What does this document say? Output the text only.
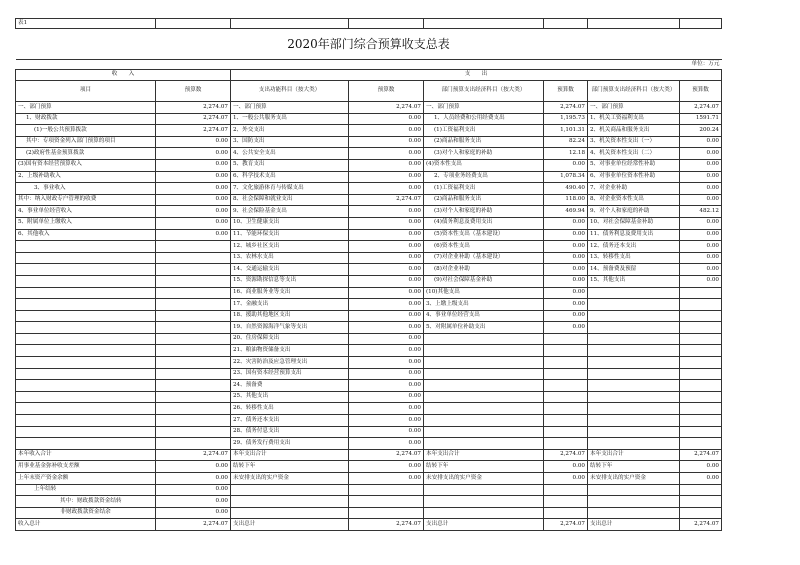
表1							
2020年部门综合预算收支总表							
单位：万元							
收　　入		支　　出					
项目	预算数	支出功能科目（按大类）	预算数	部门预算支出经济科目（按大类）	预算数	部门预算支出经济科目（按大类）	预算数
一、部门预算	2,274.07	一、部门预算	2,274.07	一、部门预算	2,274.07	一、部门预算	2,274.07
1、财政拨款	2,274.07	1、一般公共服务支出	0.00	1、人员经费和公用经费支出	1,195.73	1、机关工资福利支出	1591.71
(1)一般公共预算拨款	2,274.07	2、外交支出	0.00	(1)工资福利支出	1,101.31	2、机关商品和服务支出	200.24
其中：专项资金列入部门预算的项目	0.00	3、国防支出	0.00	(2)商品和服务支出	82.24	3、机关资本性支出（一）	0.00
(2)政府性基金预算拨款	0.00	4、公共安全支出	0.00	(3)对个人和家庭的补助	12.18	4、机关资本性支出（二）	0.00
(3)国有资本经营预算收入	0.00	5、教育支出	0.00	(4)资本性支出	0.00	5、对事业单位经常性补助	0.00
2、上级补助收入	0.00	6、科学技术支出	0.00	2、专项业务经费支出	1,078.34	6、对事业单位资本性补助	0.00
3、事业收入	0.00	7、文化旅游体育与传媒支出	0.00	(1)工资福利支出	490.40	7、对企业补助	0.00
其中：纳入财政专户管理的收费	0.00	8、社会保障和就业支出	2,274.07	(2)商品和服务支出	118.00	8、对企业资本性支出	0.00
4、事业单位经营收入	0.00	9、社会保险基金支出	0.00	(3)对个人和家庭的补助	469.94	9、对个人和家庭的补助	482.12
5、附属单位上缴收入	0.00	10、卫生健康支出	0.00	(4)债务利息及费用支出	0.00	10、对社会保障基金补助	0.00
6、其他收入	0.00	11、节能环保支出	0.00	(5)资本性支出（基本建设）	0.00	11、债务利息及费用支出	0.00
		12、城乡社区支出	0.00	(6)资本性支出	0.00	12、债务还本支出	0.00
		13、农林水支出	0.00	(7)对企业补助（基本建设）	0.00	13、转移性支出	0.00
		14、交通运输支出	0.00	(8)对企业补助	0.00	14、预备费及预留	0.00
		15、资源勘探信息等支出	0.00	(9)对社会保障基金补助	0.00	15、其他支出	0.00
		16、商业服务业等支出	0.00	(10)其他支出	0.00		
		17、金融支出	0.00	3、上缴上级支出	0.00		
		18、援助其他地区支出	0.00	4、事业单位经营支出	0.00		
		19、自然资源海洋气象等支出	0.00	5、对附属单位补助支出	0.00		
		20、住房保障支出	0.00				
		21、粮油物资储备支出	0.00				
		22、灾害防治及应急管理支出	0.00				
		23、国有资本经营预算支出	0.00				
		24、预备费	0.00				
		25、其他支出	0.00				
		26、转移性支出	0.00				
		27、债务还本支出	0.00				
		28、债务付息支出	0.00				
		29、债务发行费用支出	0.00				
本年收入合计	2,274.07	本年支出合计	2,274.07	本年支出合计	2,274.07	本年支出合计	2,274.07
用事业基金弥补收支差额	0.00	结转下年	0.00	结转下年	0.00	结转下年	0.00
上年末资产资金余额	0.00	未安排支出的实户资金	0.00	未安排支出的实户资金	0.00	未安排支出的实户资金	0.00
上年结转	0.00						
其中：财政拨款资金结转	0.00						
非财政拨款资金结余	0.00						
收入总计	2,274.07	支出总计	2,274.07	支出总计	2,274.07	支出总计	2,274.07
